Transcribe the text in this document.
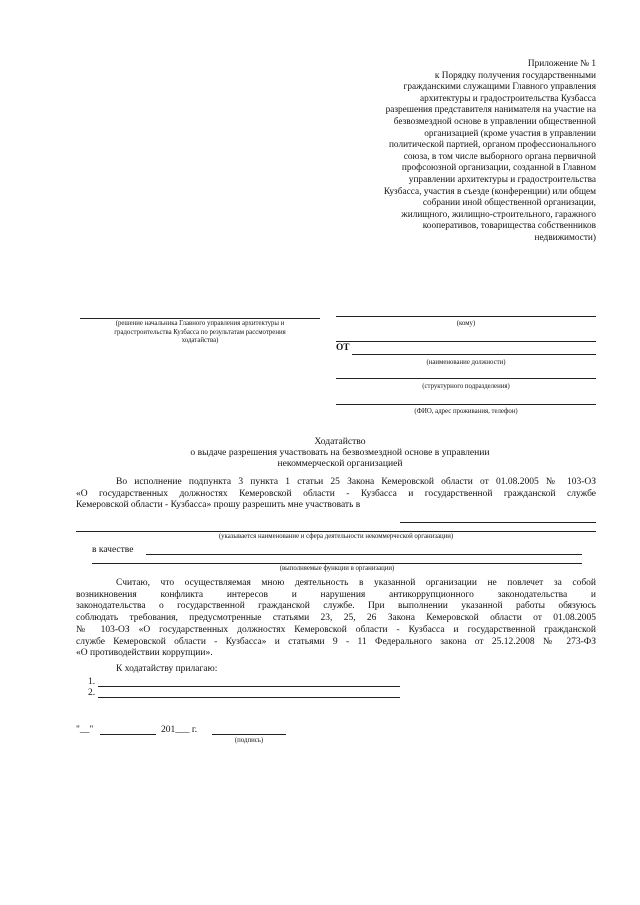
Приложение № 1
к Порядку получения государственными
гражданскими служащими Главного управления
архитектуры и градостроительства Кузбасса
разрешения представителя нанимателя на участие на
безвозмездной основе в управлении общественной
организацией (кроме участия в управлении
политической партией, органом профессионального
союза, в том числе выборного органа первичной
профсоюзной организации, созданной в Главном
управлении архитектуры и градостроительства
Кузбасса, участия в съезде (конференции) или общем
собрании иной общественной организации,
жилищного, жилищно-строительного, гаражного
кооперативов, товарищества собственников
недвижимости)
(решение начальника Главного управления архитектуры и
градостроительства Кузбасса по результатам рассмотрения
ходатайства)
(кому)
ОТ
(наименование должности)
(структурного подразделения)
(ФИО, адрес проживания, телефон)
Ходатайство
о выдаче разрешения участвовать на безвозмездной основе в управлении
некоммерческой организацией
Во исполнение подпункта 3 пункта 1 статьи 25 Закона Кемеровской области от 01.08.2005 № 103-ОЗ
«О государственных должностях Кемеровской области - Кузбасса и государственной гражданской службе
Кемеровской области - Кузбасса» прошу разрешить мне участвовать в
(указывается наименование и сфера деятельности некоммерческой организации)
в качестве
(выполняемые функции в организации)
Считаю, что осуществляемая мною деятельность в указанной организации не повлечет за собой
возникновения конфликта интересов и нарушения антикоррупционного законодательства и
законодательства о государственной гражданской службе. При выполнении указанной работы обязуюсь
соблюдать требования, предусмотренные статьями 23, 25, 26 Закона Кемеровской области от 01.08.2005
№ 103-ОЗ «О государственных должностях Кемеровской области - Кузбасса и государственной гражданской
службе Кемеровской области - Кузбасса» и статьями 9 - 11 Федерального закона от 25.12.2008 № 273-ФЗ
«О противодействии коррупции».
К ходатайству прилагаю:
1.
2.
"__"	201___ г.
(подпись)
